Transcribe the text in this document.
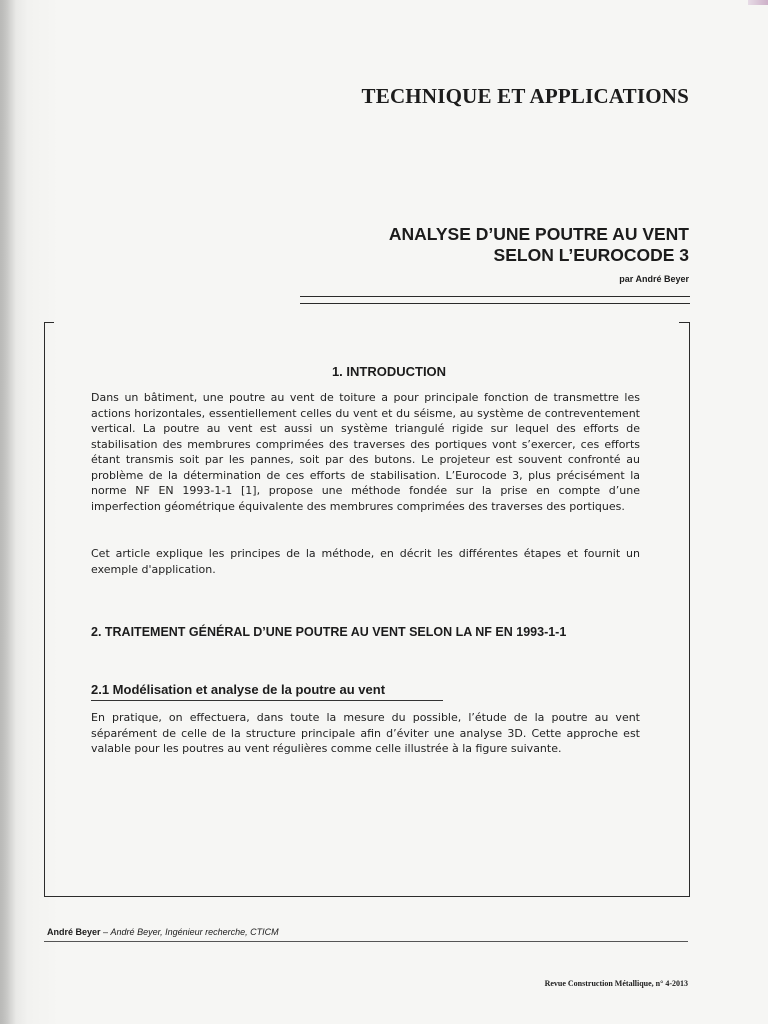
TECHNIQUE ET APPLICATIONS
ANALYSE D’UNE POUTRE AU VENT
SELON L’EUROCODE 3
par André Beyer
1. INTRODUCTION

Dans un bâtiment, une poutre au vent de toiture a pour principale fonction de transmettre les actions horizontales, essentiellement celles du vent et du séisme, au système de contreventement vertical. La poutre au vent est aussi un système triangulé rigide sur lequel des efforts de stabilisation des membrures comprimées des traverses des portiques vont s’exercer, ces efforts étant transmis soit par les pannes, soit par des butons. Le projeteur est souvent confronté au problème de la détermination de ces efforts de stabilisation. L’Eurocode 3, plus précisément la norme NF EN 1993-1-1 [1], propose une méthode fondée sur la prise en compte d’une imperfection géométrique équivalente des membrures comprimées des traverses des portiques.

Cet article explique les principes de la méthode, en décrit les différentes étapes et fournit un exemple d'application.

2. TRAITEMENT GÉNÉRAL D’UNE POUTRE AU VENT SELON LA NF EN 1993-1-1
2.1 Modélisation et analyse de la poutre au vent

En pratique, on effectuera, dans toute la mesure du possible, l’étude de la poutre au vent séparément de celle de la structure principale afin d’éviter une analyse 3D. Cette approche est valable pour les poutres au vent régulières comme celle illustrée à la figure suivante.

André Beyer – André Beyer, Ingénieur recherche, CTICM
Revue Construction Métallique, n° 4-2013
